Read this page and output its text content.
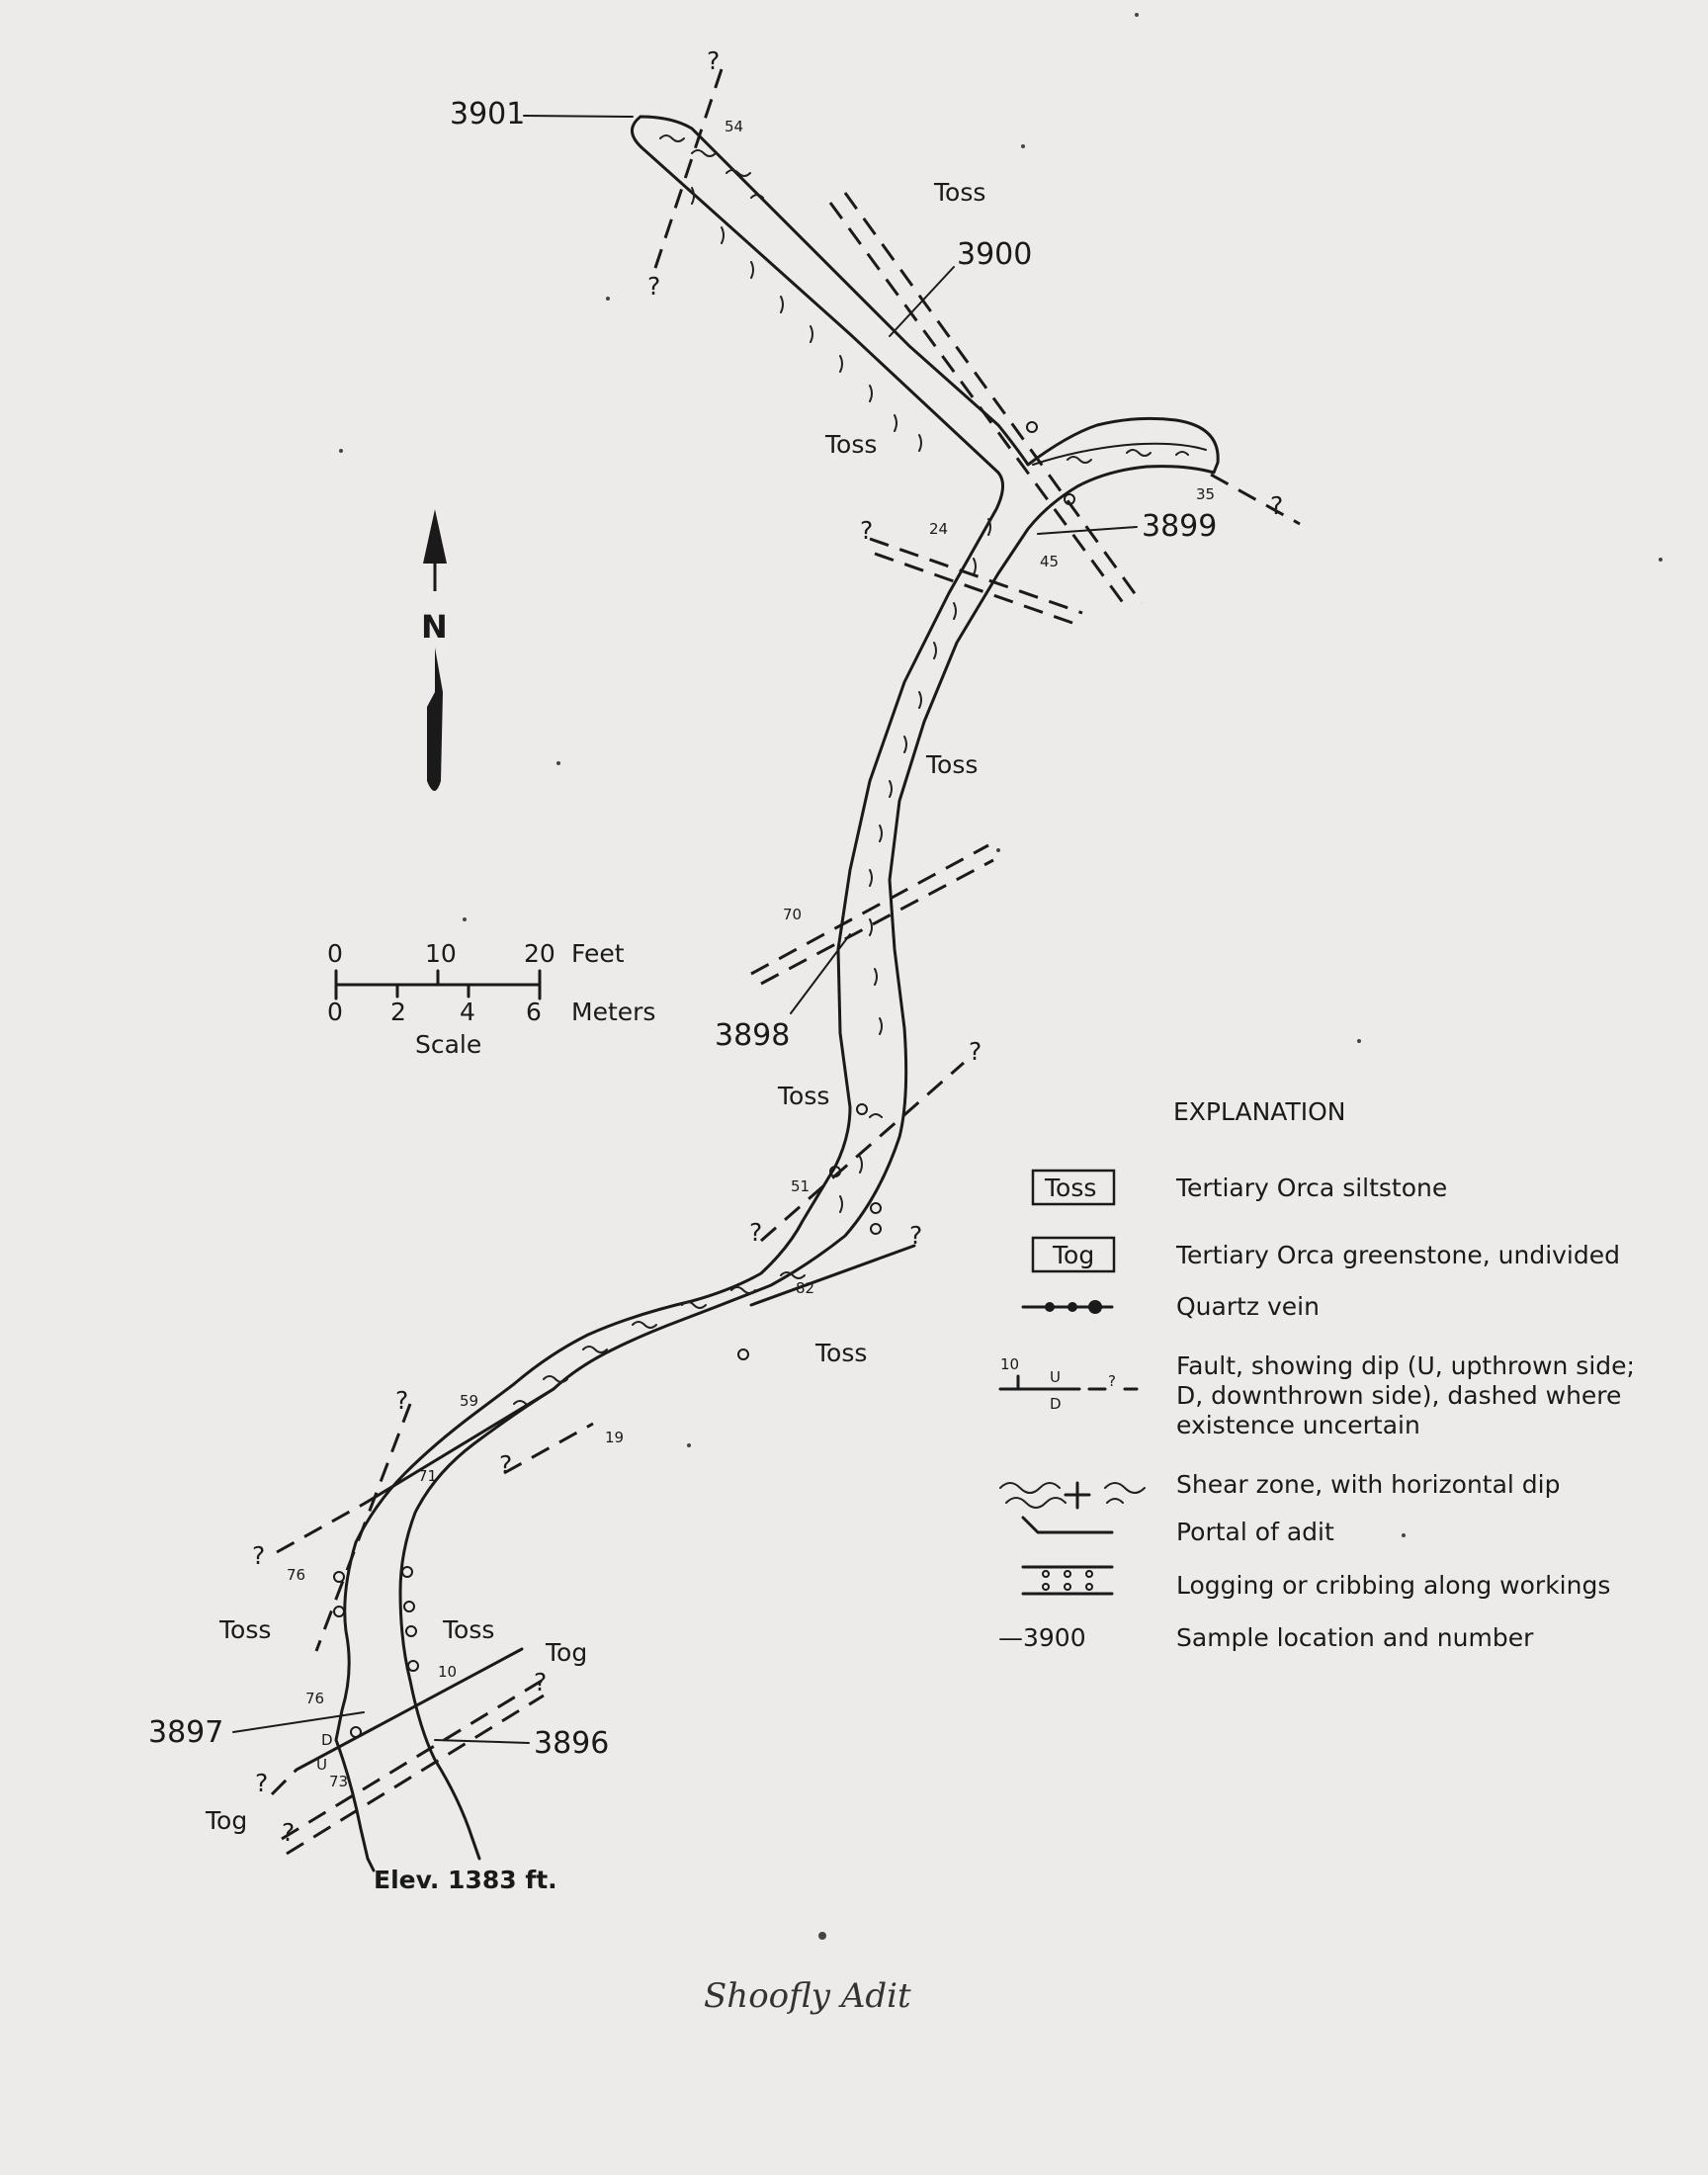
54
24
45
35
70
51
82
59
71
19
76
76
10
73
D
U
?
?
?
?
?
?	?
?
?
?
?
?
?
Toss
Toss
Toss
Toss
Toss
Toss	Toss
Tog
Tog
3901
3900
3899
3898
3897	3896
Elev. 1383 ft.
N
0	10	20 Feet
0 2 4 6 Meters
Scale
EXPLANATION
Toss	Tertiary Orca siltstone
Tog	Tertiary Orca greenstone, undivided
Quartz vein
10
U
D
?
Fault, showing dip (U, upthrown side;
D, downthrown side), dashed where
existence uncertain
Shear zone, with horizontal dip
Portal of adit
Logging or cribbing along workings
—3900	Sample location and number
Shoofly Adit
